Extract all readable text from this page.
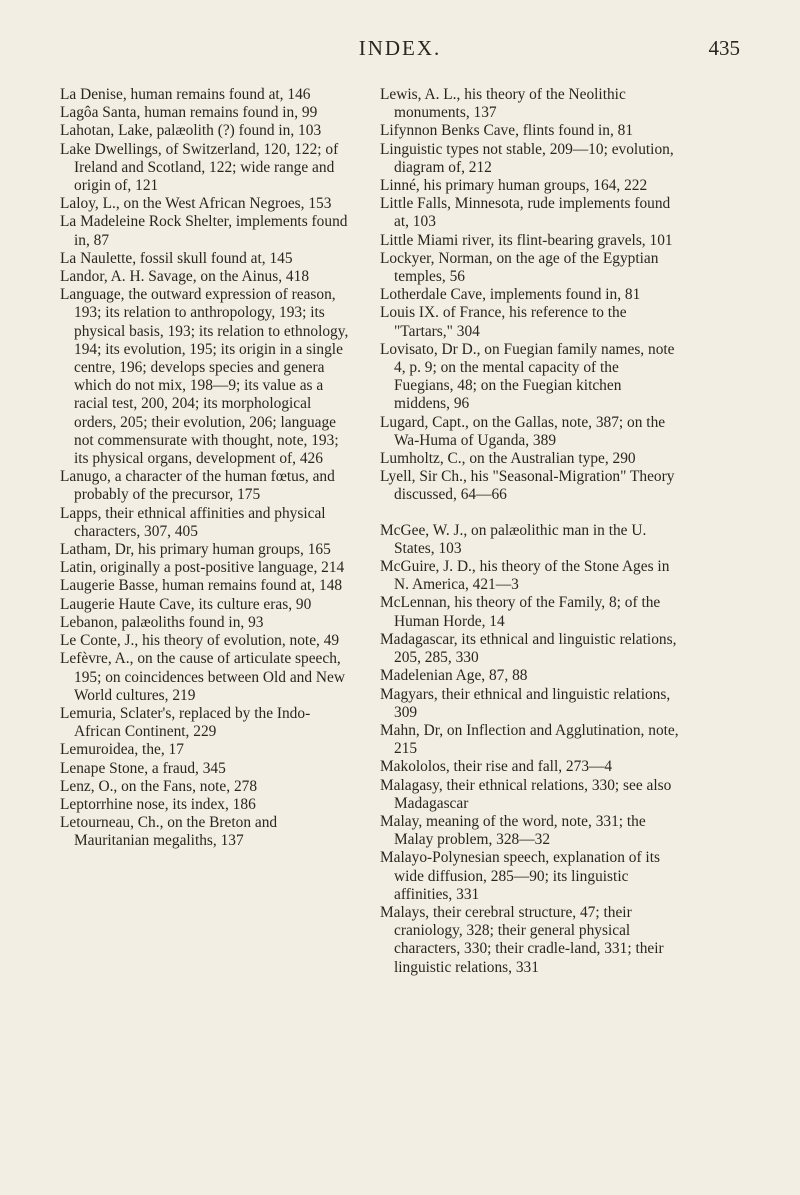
INDEX.	435

La Denise, human remains found at, 146

Lagôa Santa, human remains found in, 99

Lahotan, Lake, palæolith (?) found in, 103

Lake Dwellings, of Switzerland, 120, 122; of Ireland and Scotland, 122; wide range and origin of, 121

Laloy, L., on the West African Negroes, 153

La Madeleine Rock Shelter, implements found in, 87

La Naulette, fossil skull found at, 145

Landor, A. H. Savage, on the Ainus, 418

Language, the outward expression of reason, 193; its relation to anthropology, 193; its physical basis, 193; its relation to ethnology, 194; its evolution, 195; its origin in a single centre, 196; develops species and genera which do not mix, 198—9; its value as a racial test, 200, 204; its morphological orders, 205; their evolution, 206; language not commensurate with thought, note, 193; its physical organs, development of, 426

Lanugo, a character of the human fœtus, and probably of the precursor, 175

Lapps, their ethnical affinities and physical characters, 307, 405

Latham, Dr, his primary human groups, 165

Latin, originally a post-positive language, 214

Laugerie Basse, human remains found at, 148

Laugerie Haute Cave, its culture eras, 90

Lebanon, palæoliths found in, 93

Le Conte, J., his theory of evolution, note, 49

Lefèvre, A., on the cause of articulate speech, 195; on coincidences between Old and New World cultures, 219

Lemuria, Sclater's, replaced by the Indo-African Continent, 229

Lemuroidea, the, 17

Lenape Stone, a fraud, 345

Lenz, O., on the Fans, note, 278

Leptorrhine nose, its index, 186

Letourneau, Ch., on the Breton and Mauritanian megaliths, 137

Lewis, A. L., his theory of the Neolithic monuments, 137

Lifynnon Benks Cave, flints found in, 81

Linguistic types not stable, 209—10; evolution, diagram of, 212

Linné, his primary human groups, 164, 222

Little Falls, Minnesota, rude implements found at, 103

Little Miami river, its flint-bearing gravels, 101

Lockyer, Norman, on the age of the Egyptian temples, 56

Lotherdale Cave, implements found in, 81

Louis IX. of France, his reference to the "Tartars," 304

Lovisato, Dr D., on Fuegian family names, note 4, p. 9; on the mental capacity of the Fuegians, 48; on the Fuegian kitchen middens, 96

Lugard, Capt., on the Gallas, note, 387; on the Wa-Huma of Uganda, 389

Lumholtz, C., on the Australian type, 290

Lyell, Sir Ch., his "Seasonal-Migration" Theory discussed, 64—66

McGee, W. J., on palæolithic man in the U. States, 103

McGuire, J. D., his theory of the Stone Ages in N. America, 421—3

McLennan, his theory of the Family, 8; of the Human Horde, 14

Madagascar, its ethnical and linguistic relations, 205, 285, 330

Madelenian Age, 87, 88

Magyars, their ethnical and linguistic relations, 309

Mahn, Dr, on Inflection and Agglutination, note, 215

Makololos, their rise and fall, 273—4

Malagasy, their ethnical relations, 330; see also Madagascar

Malay, meaning of the word, note, 331; the Malay problem, 328—32

Malayo-Polynesian speech, explanation of its wide diffusion, 285—90; its linguistic affinities, 331

Malays, their cerebral structure, 47; their craniology, 328; their general physical characters, 330; their cradle-land, 331; their linguistic relations, 331
